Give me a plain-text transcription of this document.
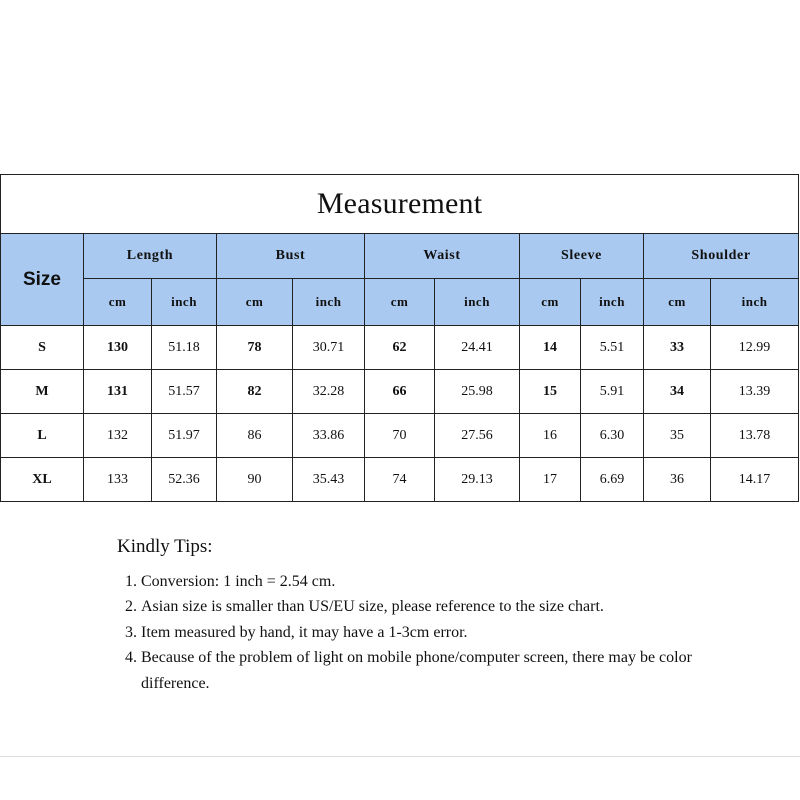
Measurement										
Size	Length		Bust		Waist		Sleeve		Shoulder	
	cm	inch	cm	inch	cm	inch	cm	inch	cm	inch
S	130	51.18	78	30.71	62	24.41	14	5.51	33	12.99
M	131	51.57	82	32.28	66	25.98	15	5.91	34	13.39
L	132	51.97	86	33.86	70	27.56	16	6.30	35	13.78
XL	133	52.36	90	35.43	74	29.13	17	6.69	36	14.17
Kindly Tips:
1. Conversion: 1 inch = 2.54 cm.
2. Asian size is smaller than US/EU size, please reference to the size chart.
3. Item measured by hand, it may have a 1-3cm error.
4. Because of the problem of light on mobile phone/computer screen, there may be color difference.
